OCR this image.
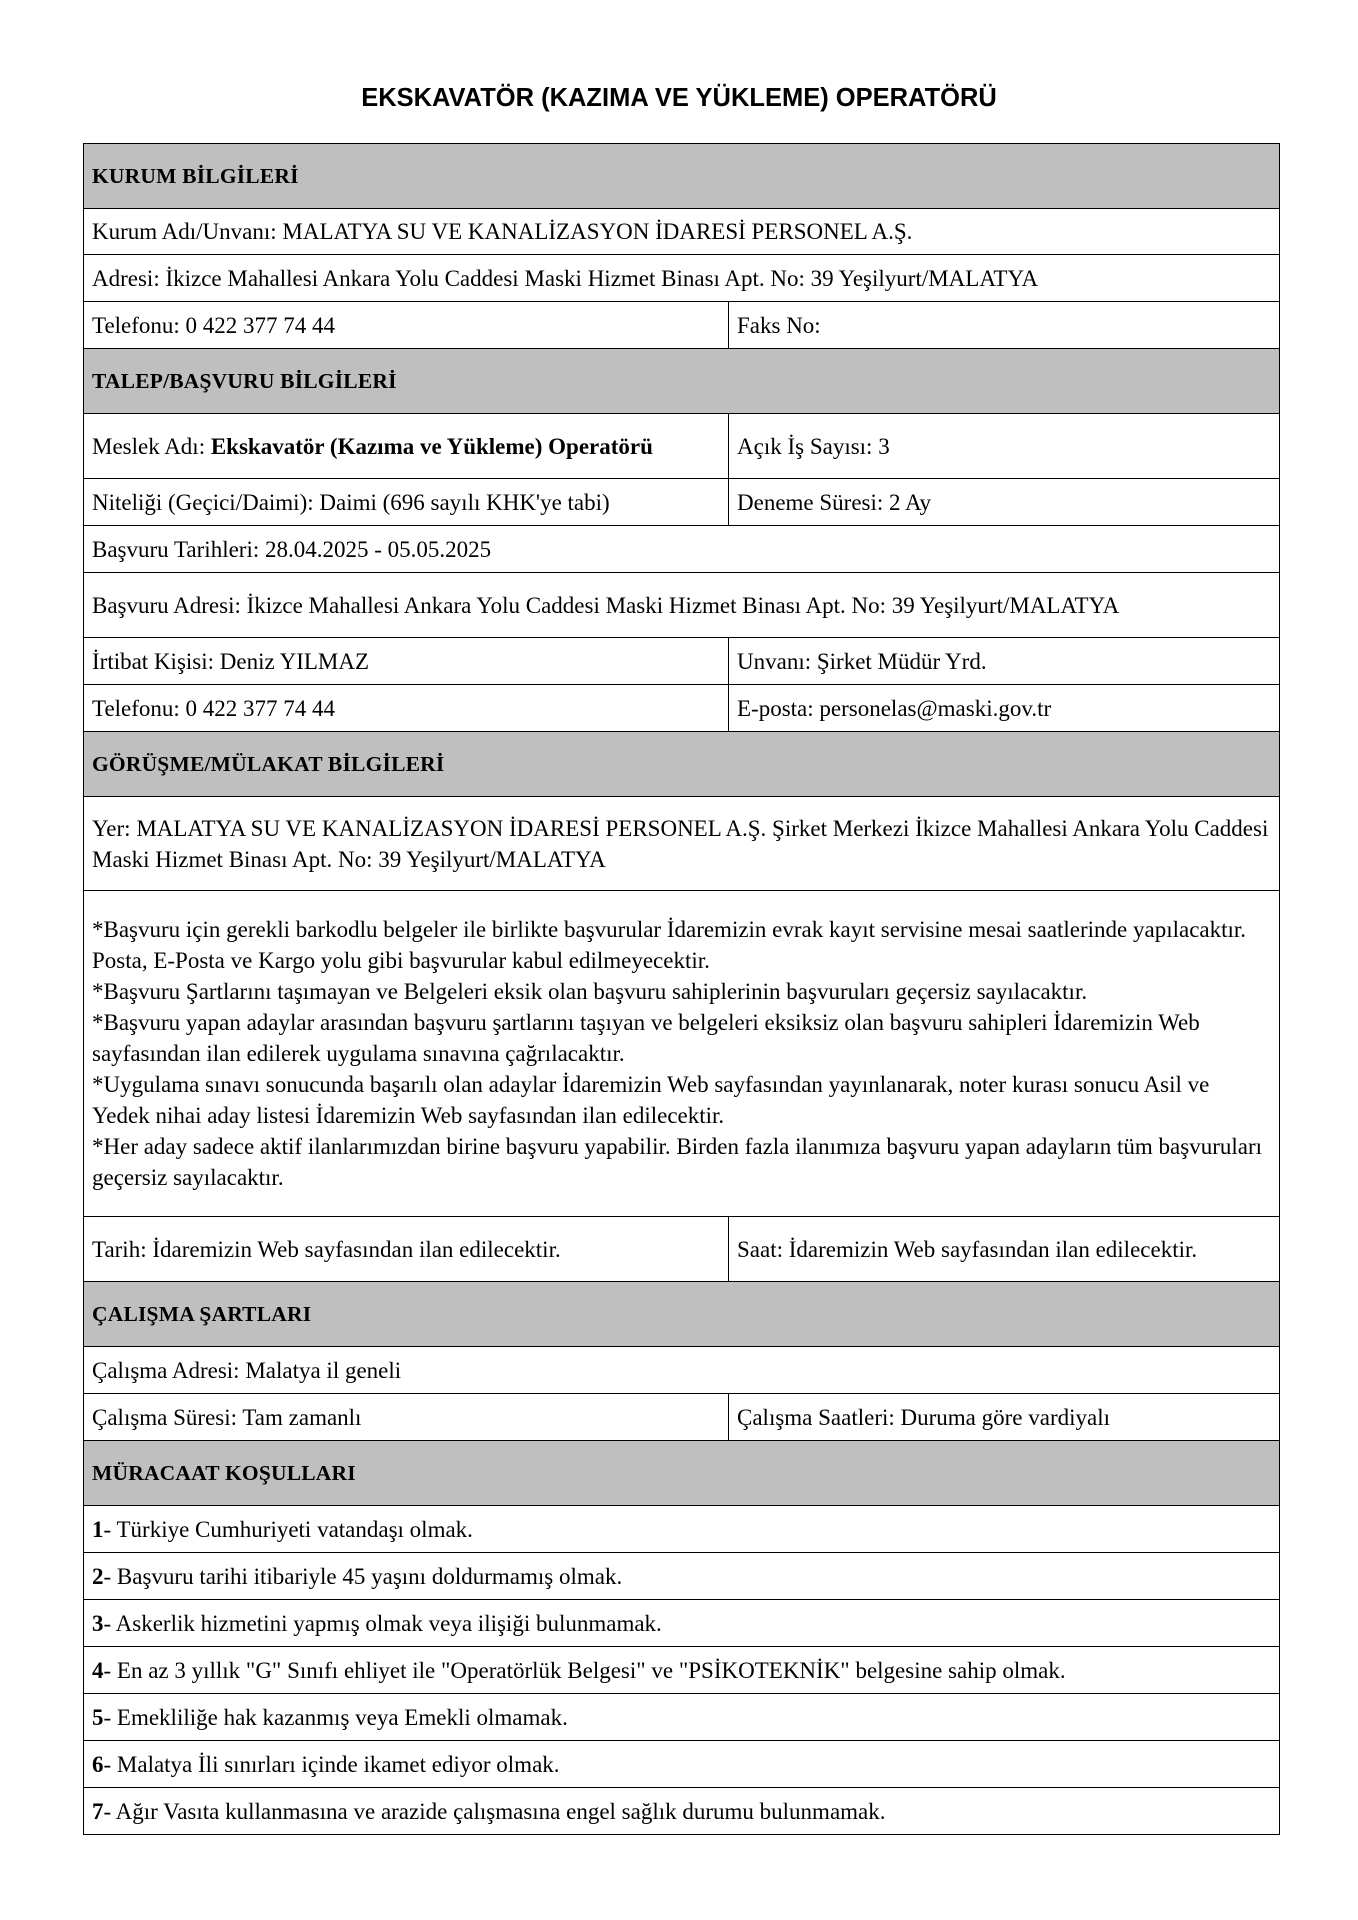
EKSKAVATÖR (KAZIMA VE YÜKLEME) OPERATÖRÜ
KURUM BİLGİLERİ	
Kurum Adı/Unvanı: MALATYA SU VE KANALİZASYON İDARESİ PERSONEL A.Ş.	
Adresi: İkizce Mahallesi Ankara Yolu Caddesi Maski Hizmet Binası Apt. No: 39 Yeşilyurt/MALATYA	
Telefonu: 0 422 377 74 44	Faks No:
TALEP/BAŞVURU BİLGİLERİ	
Meslek Adı: Ekskavatör (Kazıma ve Yükleme) Operatörü	Açık İş Sayısı: 3
Niteliği (Geçici/Daimi): Daimi (696 sayılı KHK'ye tabi)	Deneme Süresi: 2 Ay
Başvuru Tarihleri: 28.04.2025 - 05.05.2025	
Başvuru Adresi: İkizce Mahallesi Ankara Yolu Caddesi Maski Hizmet Binası Apt. No: 39 Yeşilyurt/MALATYA	
İrtibat Kişisi: Deniz YILMAZ	Unvanı: Şirket Müdür Yrd.
Telefonu: 0 422 377 74 44	E-posta: personelas@maski.gov.tr
GÖRÜŞME/MÜLAKAT BİLGİLERİ	
Yer: MALATYA SU VE KANALİZASYON İDARESİ PERSONEL A.Ş. Şirket Merkezi İkizce Mahallesi Ankara Yolu Caddesi Maski Hizmet Binası Apt. No: 39 Yeşilyurt/MALATYA	

*Başvuru için gerekli barkodlu belgeler ile birlikte başvurular İdaremizin evrak kayıt servisine mesai saatlerinde yapılacaktır. Posta, E-Posta ve Kargo yolu gibi başvurular kabul edilmeyecektir.

*Başvuru Şartlarını taşımayan ve Belgeleri eksik olan başvuru sahiplerinin başvuruları geçersiz sayılacaktır.

*Başvuru yapan adaylar arasından başvuru şartlarını taşıyan ve belgeleri eksiksiz olan başvuru sahipleri İdaremizin Web sayfasından ilan edilerek uygulama sınavına çağrılacaktır.

*Uygulama sınavı sonucunda başarılı olan adaylar İdaremizin Web sayfasından yayınlanarak, noter kurası sonucu Asil ve Yedek nihai aday listesi İdaremizin Web sayfasından ilan edilecektir.

*Her aday sadece aktif ilanlarımızdan birine başvuru yapabilir. Birden fazla ilanımıza başvuru yapan adayların tüm başvuruları geçersiz sayılacaktır.	

Tarih: İdaremizin Web sayfasından ilan edilecektir.	Saat: İdaremizin Web sayfasından ilan edilecektir.
ÇALIŞMA ŞARTLARI	
Çalışma Adresi: Malatya il geneli	
Çalışma Süresi: Tam zamanlı	Çalışma Saatleri: Duruma göre vardiyalı
MÜRACAAT KOŞULLARI	
1- Türkiye Cumhuriyeti vatandaşı olmak.	
2- Başvuru tarihi itibariyle 45 yaşını doldurmamış olmak.	
3- Askerlik hizmetini yapmış olmak veya ilişiği bulunmamak.	
4- En az 3 yıllık "G" Sınıfı ehliyet ile "Operatörlük Belgesi" ve "PSİKOTEKNİK" belgesine sahip olmak.	
5- Emekliliğe hak kazanmış veya Emekli olmamak.	
6- Malatya İli sınırları içinde ikamet ediyor olmak.	
7- Ağır Vasıta kullanmasına ve arazide çalışmasına engel sağlık durumu bulunmamak.	
